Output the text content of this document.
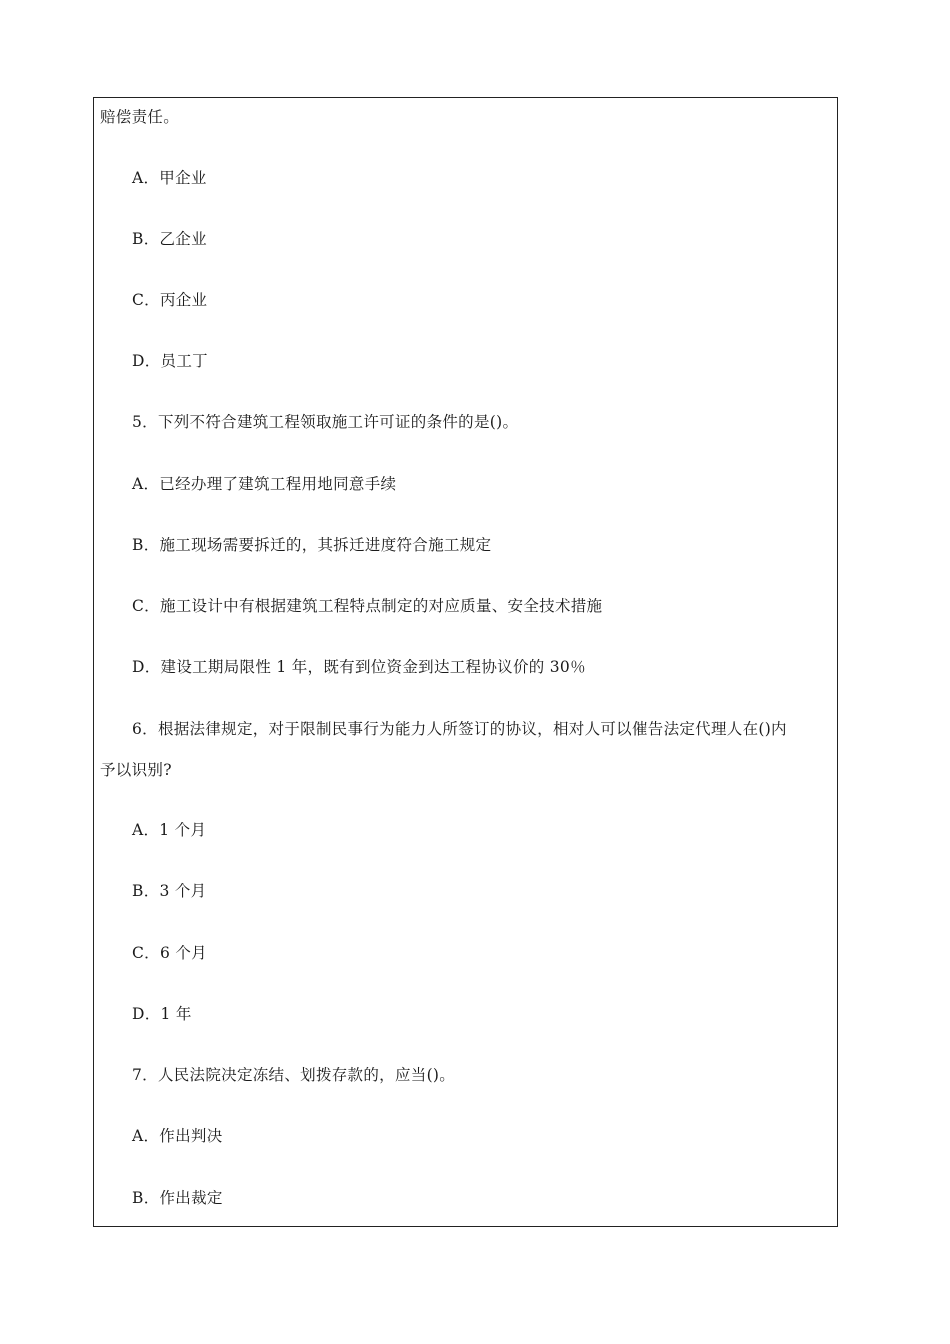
赔偿责任。
A．甲企业
B．乙企业
C．丙企业
D．员工丁
5．下列不符合建筑工程领取施工许可证的条件的是()。
A．已经办理了建筑工程用地同意手续
B．施工现场需要拆迁的，其拆迁进度符合施工规定
C．施工设计中有根据建筑工程特点制定的对应质量、安全技术措施
D．建设工期局限性 1 年，既有到位资金到达工程协议价的 30％
6．根据法律规定，对于限制民事行为能力人所签订的协议，相对人可以催告法定代理人在()内
予以识别?
A．1 个月
B．3 个月
C．6 个月
D．1 年
7．人民法院决定冻结、划拨存款的，应当()。
A．作出判决
B．作出裁定
